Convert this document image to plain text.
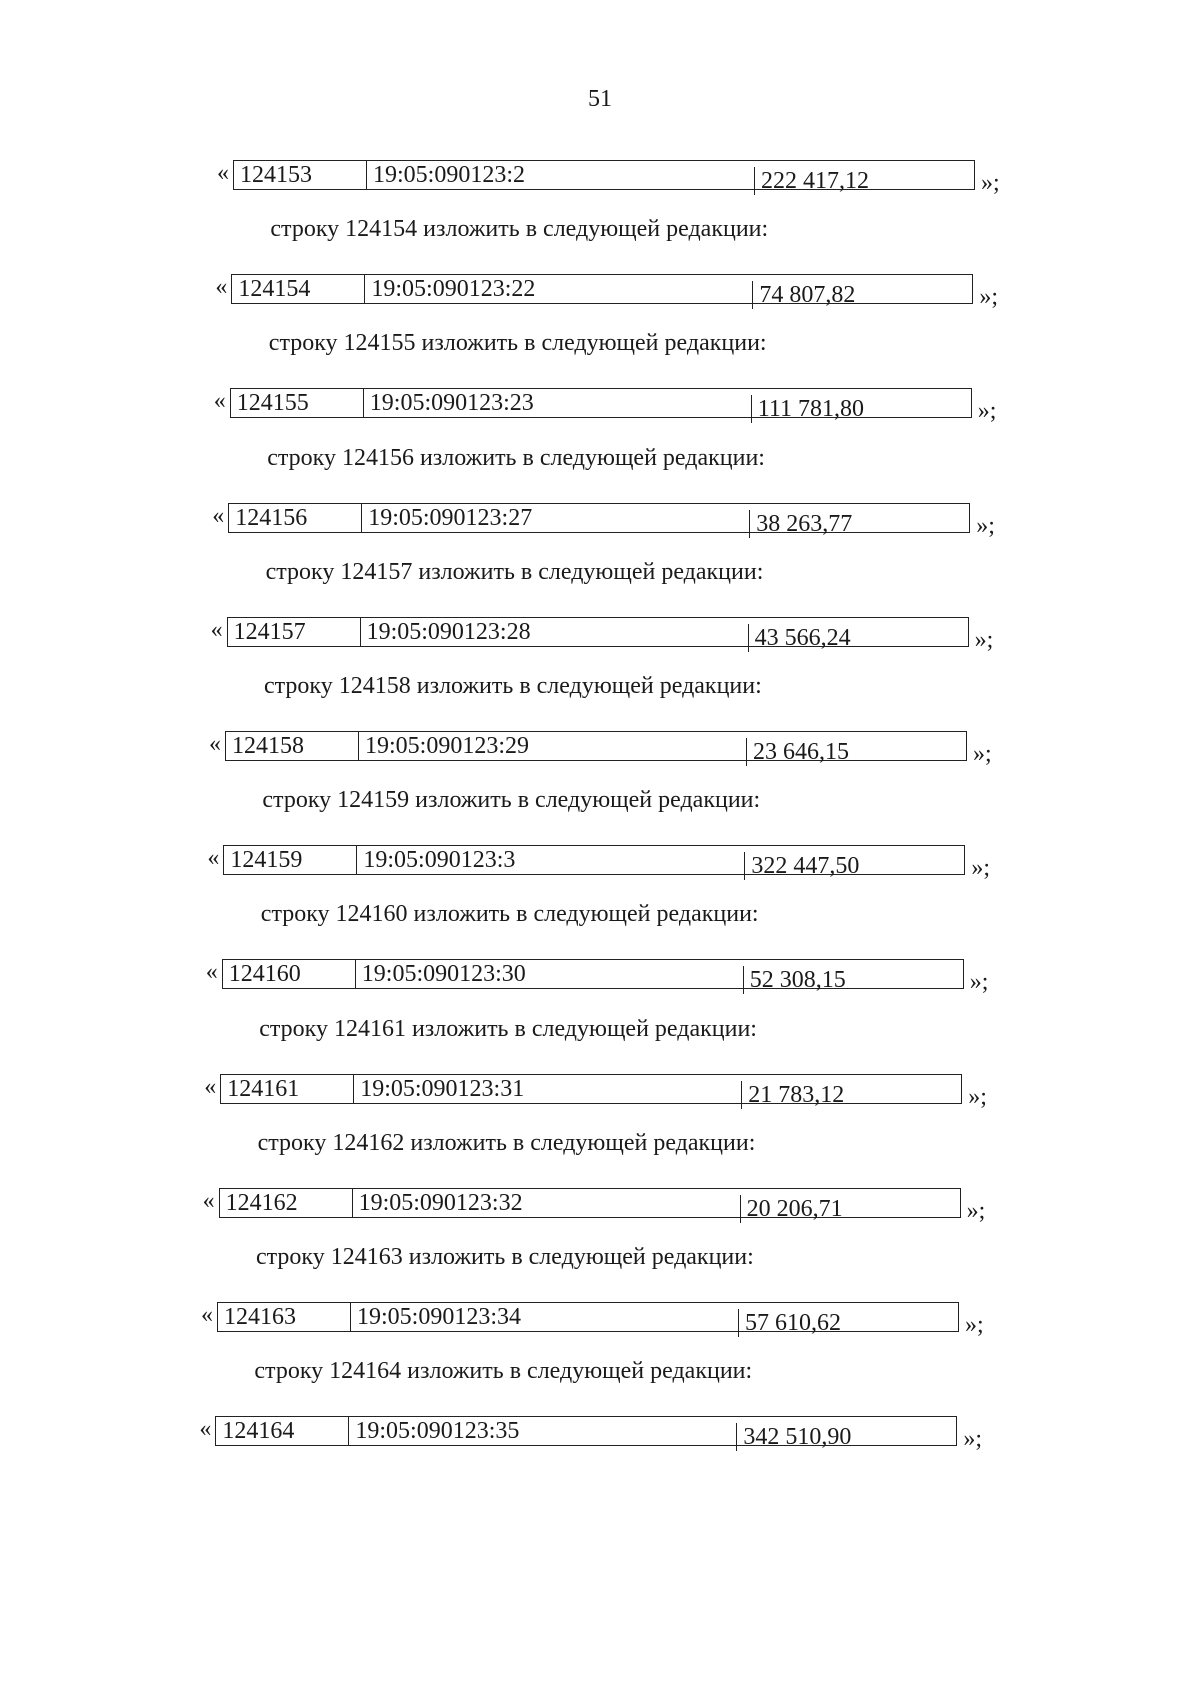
51
« 124153	19:05:090123:2	222 417,12	»;
строку 124154 изложить в следующей редакции:
« 124154	19:05:090123:22	74 807,82	»;
строку 124155 изложить в следующей редакции:
« 124155	19:05:090123:23	111 781,80	»;
строку 124156 изложить в следующей редакции:
« 124156	19:05:090123:27	38 263,77	»;
строку 124157 изложить в следующей редакции:
« 124157	19:05:090123:28	43 566,24	»;
строку 124158 изложить в следующей редакции:
« 124158	19:05:090123:29	23 646,15	»;
строку 124159 изложить в следующей редакции:
« 124159	19:05:090123:3	322 447,50	»;
строку 124160 изложить в следующей редакции:
« 124160	19:05:090123:30	52 308,15	»;
строку 124161 изложить в следующей редакции:
« 124161	19:05:090123:31	21 783,12	»;
строку 124162 изложить в следующей редакции:
« 124162	19:05:090123:32	20 206,71	»;
строку 124163 изложить в следующей редакции:
« 124163	19:05:090123:34	57 610,62	»;
строку 124164 изложить в следующей редакции:
« 124164	19:05:090123:35	342 510,90	»;
